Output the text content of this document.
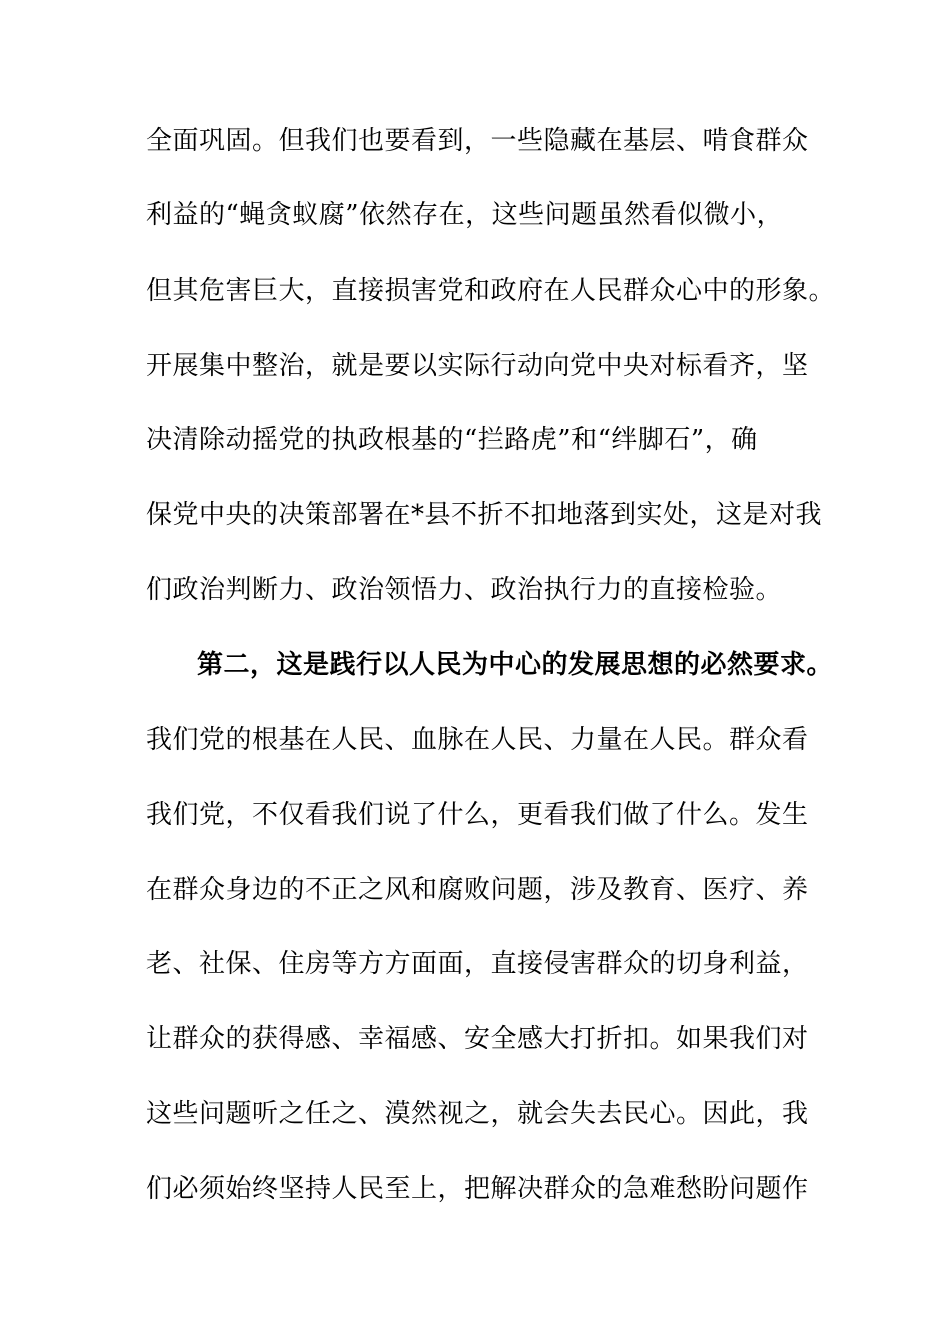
全面巩固。但我们也要看到，一些隐藏在基层、啃食群众
利益的“蝇贪蚁腐”依然存在，这些问题虽然看似微小，
但其危害巨大，直接损害党和政府在人民群众心中的形象。
开展集中整治，就是要以实际行动向党中央对标看齐，坚
决清除动摇党的执政根基的“拦路虎”和“绊脚石”，确
保党中央的决策部署在*县不折不扣地落到实处，这是对我
们政治判断力、政治领悟力、政治执行力的直接检验。
第二，这是践行以人民为中心的发展思想的必然要求。
我们党的根基在人民、血脉在人民、力量在人民。群众看
我们党，不仅看我们说了什么，更看我们做了什么。发生
在群众身边的不正之风和腐败问题，涉及教育、医疗、养
老、社保、住房等方方面面，直接侵害群众的切身利益，
让群众的获得感、幸福感、安全感大打折扣。如果我们对
这些问题听之任之、漠然视之，就会失去民心。因此，我
们必须始终坚持人民至上，把解决群众的急难愁盼问题作
